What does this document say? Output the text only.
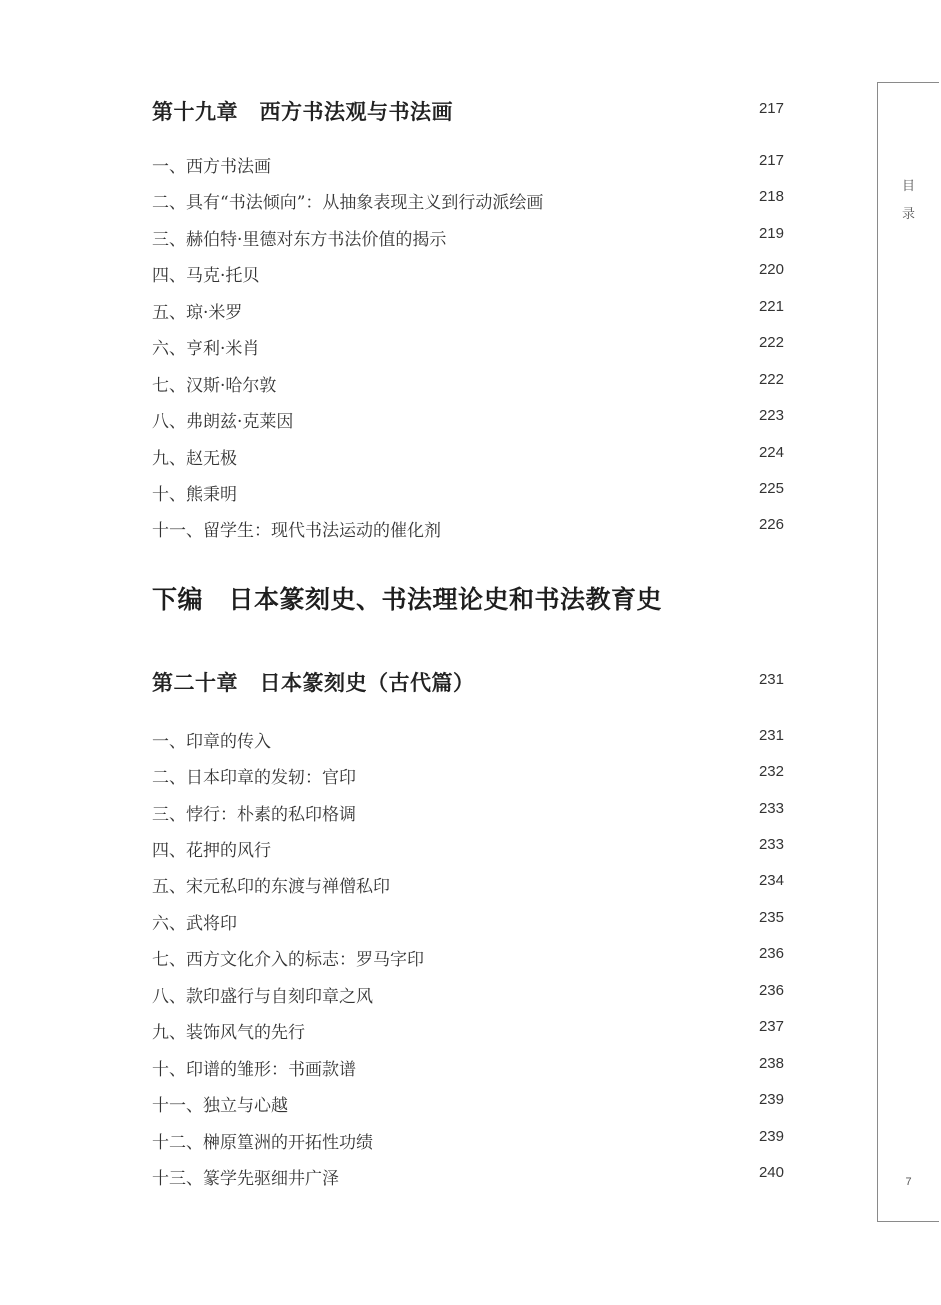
第十九章　西方书法观与书法画	217
一、西方书法画	217
二、具有“书法倾向”：从抽象表现主义到行动派绘画	218
三、赫伯特·里德对东方书法价值的揭示	219
四、马克·托贝	220
五、琼·米罗	221
六、亨利·米肖	222
七、汉斯·哈尔敦	222
八、弗朗兹·克莱因	223
九、赵无极	224
十、熊秉明	225
十一、留学生：现代书法运动的催化剂	226
下编　日本篆刻史、书法理论史和书法教育史
第二十章　日本篆刻史（古代篇）	231
一、印章的传入	231
二、日本印章的发轫：官印	232
三、悖行：朴素的私印格调	233
四、花押的风行	233
五、宋元私印的东渡与禅僧私印	234
六、武将印	235
七、西方文化介入的标志：罗马字印	236
八、款印盛行与自刻印章之风	236
九、装饰风气的先行	237
十、印谱的雏形：书画款谱	238
十一、独立与心越	239
十二、榊原篁洲的开拓性功绩	239
十三、篆学先驱细井广泽	240
目
录
7
